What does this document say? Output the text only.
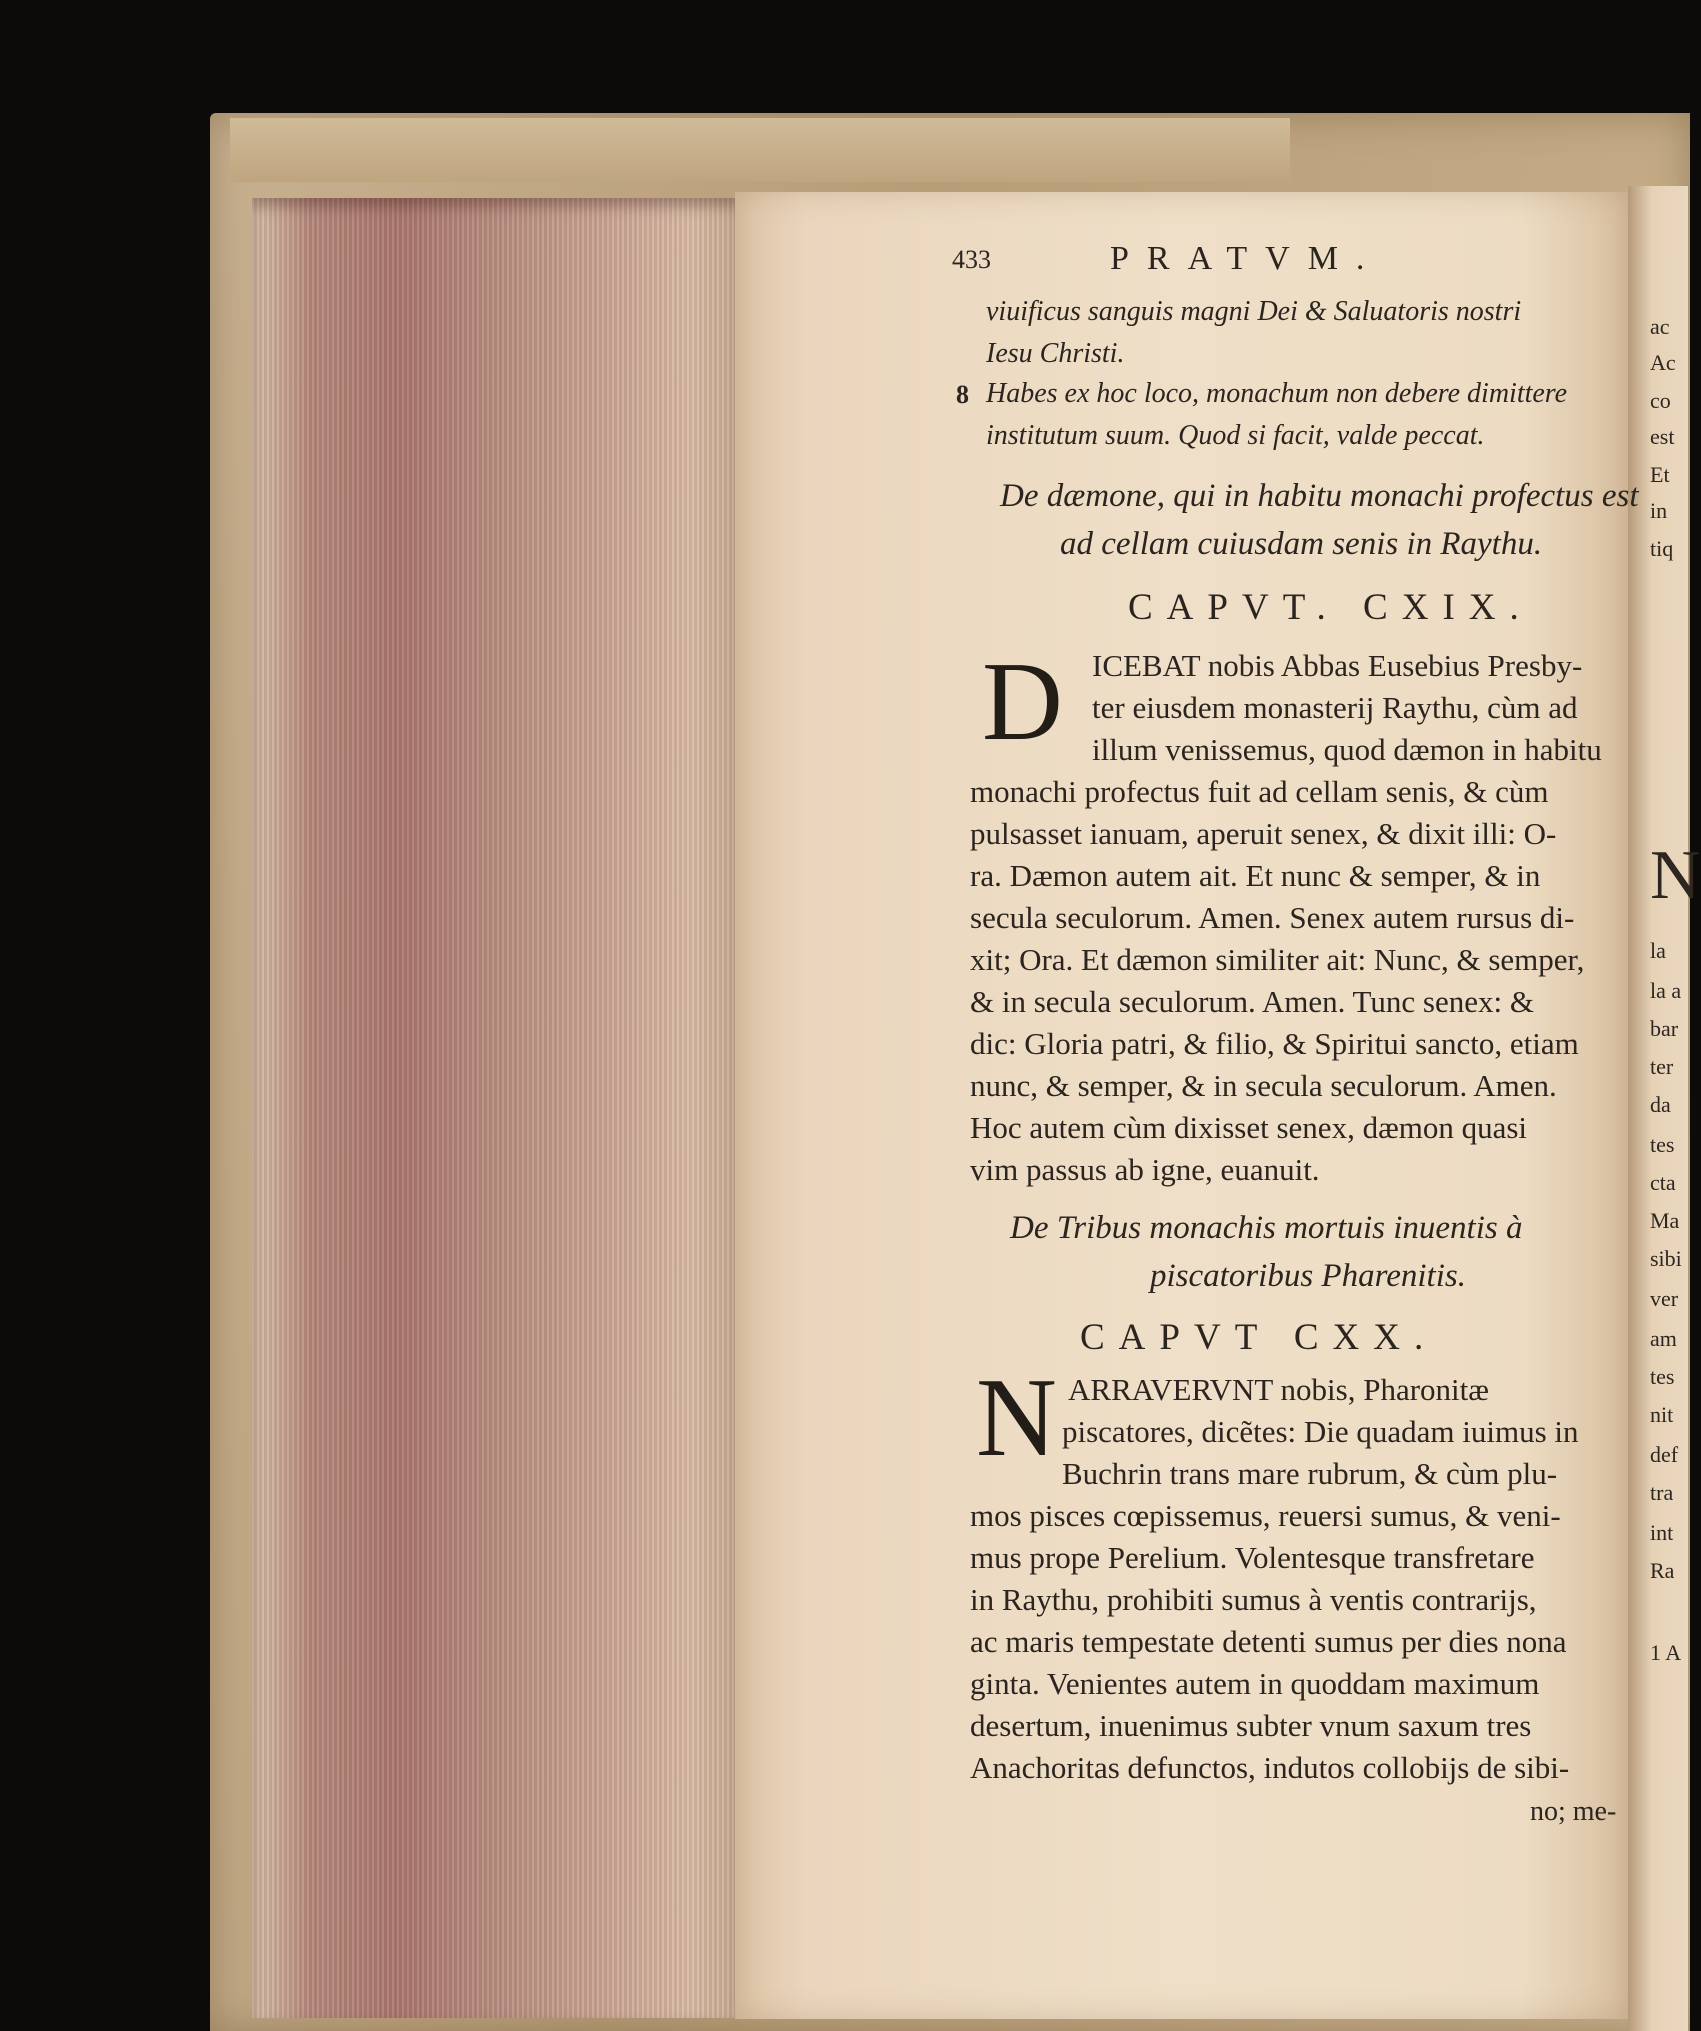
ac
Ac
co
est
Et
in
tiq
N
la
la a
bar
ter
da
tes
cta
Ma
sibi
ver
am
tes
nit
def
tra
int
Ra
1 A
433	PRATVM.
viuificus sanguis magni Dei & Saluatoris nostri
Iesu Christi.
8 Habes ex hoc loco, monachum non debere dimittere
institutum suum. Quod si facit, valde peccat.
De dæmone, qui in habitu monachi profectus est
ad cellam cuiusdam senis in Raythu.
CAPVT. CXIX.
D ICEBAT nobis Abbas Eusebius Presby-
ter eiusdem monasterij Raythu, cùm ad
illum venissemus, quod dæmon in habitu
monachi profectus fuit ad cellam senis, & cùm
pulsasset ianuam, aperuit senex, & dixit illi: O-
ra. Dæmon autem ait. Et nunc & semper, & in
secula seculorum. Amen. Senex autem rursus di-
xit; Ora. Et dæmon similiter ait: Nunc, & semper,
& in secula seculorum. Amen. Tunc senex: &
dic: Gloria patri, & filio, & Spiritui sancto, etiam
nunc, & semper, & in secula seculorum. Amen.
Hoc autem cùm dixisset senex, dæmon quasi
vim passus ab igne, euanuit.
De Tribus monachis mortuis inuentis à
piscatoribus Pharenitis.
CAPVT CXX.
N ARRAVERVNT nobis, Pharonitæ
piscatores, dicẽtes: Die quadam iuimus in
Buchrin trans mare rubrum, & cùm plu-
mos pisces cœpissemus, reuersi sumus, & veni-
mus prope Perelium. Volentesque transfretare
in Raythu, prohibiti sumus à ventis contrarijs,
ac maris tempestate detenti sumus per dies nona
ginta. Venientes autem in quoddam maximum
desertum, inuenimus subter vnum saxum tres
Anachoritas defunctos, indutos collobijs de sibi-
no; me-
